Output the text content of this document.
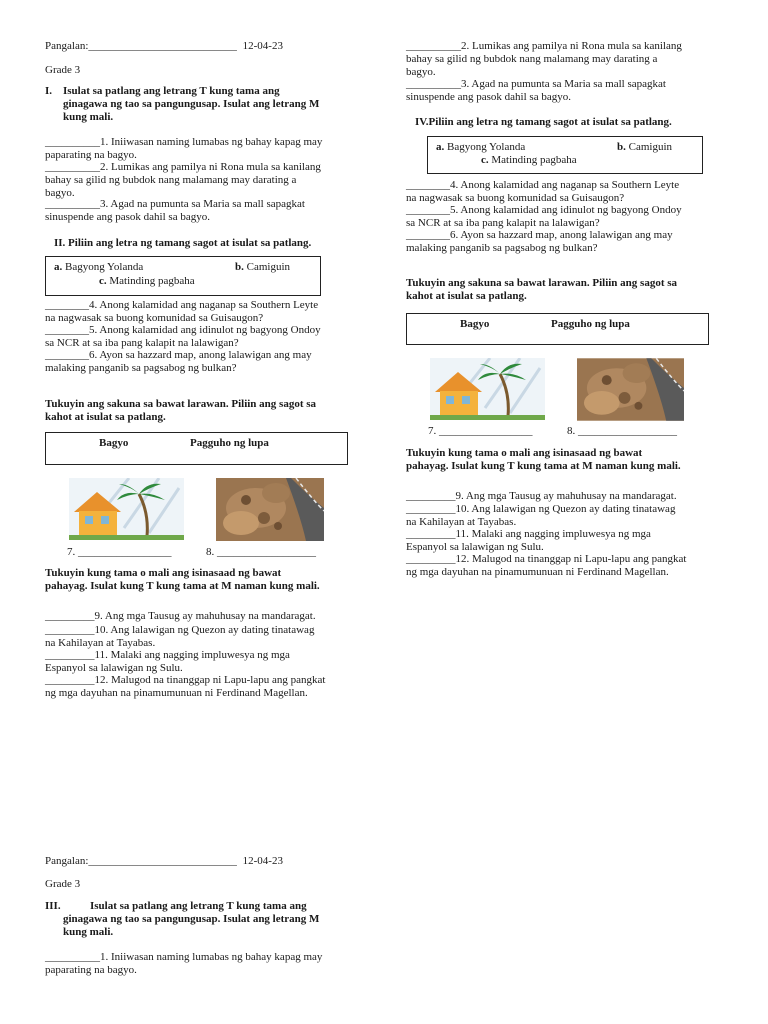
Pangalan:___________________________ 12-04-23
Grade 3
I. Isulat sa patlang ang letrang T kung tama ang
ginagawa ng tao sa pangungusap. Isulat ang letrang M
kung mali.
__________1. Iniiwasan naming lumabas ng bahay kapag may
paparating na bagyo.
__________2. Lumikas ang pamilya ni Rona mula sa kanilang
bahay sa gilid ng bubdok nang malamang may darating a
bagyo.
__________3. Agad na pumunta sa Maria sa mall sapagkat
sinuspende ang pasok dahil sa bagyo.
II. Piliin ang letra ng tamang sagot at isulat sa patlang.
a. Bagyong Yolanda	b. Camiguin
c. Matinding pagbaha
________4. Anong kalamidad ang naganap sa Southern Leyte
na nagwasak sa buong komunidad sa Guisaugon?
________5. Anong kalamidad ang idinulot ng bagyong Ondoy
sa NCR at sa iba pang kalapit na lalawigan?
________6. Ayon sa hazzard map, anong lalawigan ang may
malaking panganib sa pagsabog ng bulkan?
Tukuyin ang sakuna sa bawat larawan. Piliin ang sagot sa
kahot at isulat sa patlang.
Bagyo	Pagguho ng lupa
7. _________________	8. __________________
Tukuyin kung tama o mali ang isinasaad ng bawat
pahayag. Isulat kung T kung tama at M naman kung mali.
_________9. Ang mga Tausug ay mahuhusay na mandaragat.
_________10. Ang lalawigan ng Quezon ay dating tinatawag
na Kahilayan at Tayabas.
_________11. Malaki ang nagging impluwesya ng mga
Espanyol sa lalawigan ng Sulu.
_________12. Malugod na tinanggap ni Lapu-lapu ang pangkat
ng mga dayuhan na pinamumunuan ni Ferdinand Magellan.
Pangalan:___________________________ 12-04-23
Grade 3
III.	Isulat sa patlang ang letrang T kung tama ang
ginagawa ng tao sa pangungusap. Isulat ang letrang M
kung mali.
__________1. Iniiwasan naming lumabas ng bahay kapag may
paparating na bagyo.
__________2. Lumikas ang pamilya ni Rona mula sa kanilang
bahay sa gilid ng bubdok nang malamang may darating a
bagyo.
__________3. Agad na pumunta sa Maria sa mall sapagkat
sinuspende ang pasok dahil sa bagyo.
IV.Piliin ang letra ng tamang sagot at isulat sa patlang.
a. Bagyong Yolanda	b. Camiguin
c. Matinding pagbaha
________4. Anong kalamidad ang naganap sa Southern Leyte
na nagwasak sa buong komunidad sa Guisaugon?
________5. Anong kalamidad ang idinulot ng bagyong Ondoy
sa NCR at sa iba pang kalapit na lalawigan?
________6. Ayon sa hazzard map, anong lalawigan ang may
malaking panganib sa pagsabog ng bulkan?
Tukuyin ang sakuna sa bawat larawan. Piliin ang sagot sa
kahot at isulat sa patlang.
Bagyo	Pagguho ng lupa
7. _________________	8. __________________
Tukuyin kung tama o mali ang isinasaad ng bawat
pahayag. Isulat kung T kung tama at M naman kung mali.
_________9. Ang mga Tausug ay mahuhusay na mandaragat.
_________10. Ang lalawigan ng Quezon ay dating tinatawag
na Kahilayan at Tayabas.
_________11. Malaki ang nagging impluwesya ng mga
Espanyol sa lalawigan ng Sulu.
_________12. Malugod na tinanggap ni Lapu-lapu ang pangkat
ng mga dayuhan na pinamumunuan ni Ferdinand Magellan.
